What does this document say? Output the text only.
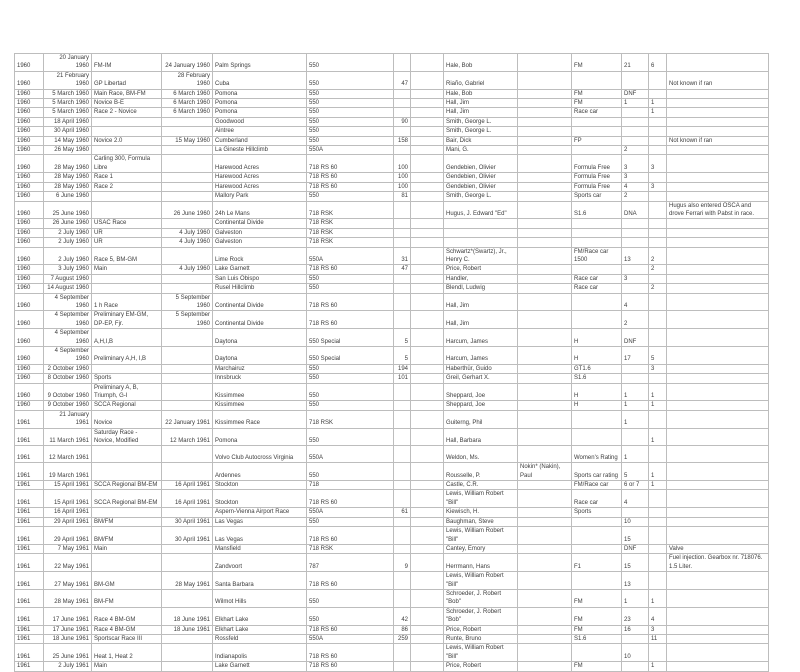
1960	20 January 1960	FM-IM	24 January 1960	Palm Springs	550			Hale, Bob		FM	21	6	
1960	21 February 1960	GP Libertad	28 February 1960	Cuba	550	47		Riaño, Gabriel					Not known if ran
1960	5 March 1960	Main Race, BM-FM	6 March 1960	Pomona	550			Hale, Bob		FM	DNF		
1960	5 March 1960	Novice B-E	6 March 1960	Pomona	550			Hall, Jim		FM	1	1	
1960	5 March 1960	Race 2 - Novice	6 March 1960	Pomona	550			Hall, Jim		Race car		1	
1960	18 April 1960			Goodwood	550	90		Smith, George L.					
1960	30 April 1960			Aintree	550			Smith, George L.					
1960	14 May 1960	Novice 2.0	15 May 1960	Cumberland	550	158		Bair, Dick		FP			Not known if ran
1960	26 May 1960			La Gineste Hillclimb	550A			Mani, G.			2		
1960	28 May 1960	Carling 300, Formula Libre		Harewood Acres	718 RS 60	100		Gendebien, Olivier		Formula Free	3	3	
1960	28 May 1960	Race 1		Harewood Acres	718 RS 60	100		Gendebien, Olivier		Formula Free	3		
1960	28 May 1960	Race 2		Harewood Acres	718 RS 60	100		Gendebien, Olivier		Formula Free	4	3	
1960	6 June 1960			Mallory Park	550	81		Smith, George L.		Sports car	2		
1960	25 June 1960		26 June 1960	24h Le Mans	718 RSK			Hugus, J. Edward "Ed"		S1.6	DNA		Hugus also entered OSCA and drove Ferrari with Pabst in race.
1960	26 June 1960	USAC Race		Continental Divide	718 RSK								
1960	2 July 1960	UR	4 July 1960	Galveston	718 RSK								
1960	2 July 1960	UR	4 July 1960	Galveston	718 RSK								
1960	2 July 1960	Race 5, BM-GM		Lime Rock	550A	31		Schwartz*(Swartz), Jr., Henry C.		FM/Race car 1500	13	2	
1960	3 July 1960	Main	4 July 1960	Lake Garnett	718 RS 60	47		Price, Robert				2	
1960	7 August 1960			San Luis Obispo	550			Handler,		Race car	3		
1960	14 August 1960			Rusel Hillclimb	550			Blendl, Ludwig		Race car		2	
1960	4 September 1960	1 h Race	5 September 1960	Continental Divide	718 RS 60			Hall, Jim			4		
1960	4 September 1960	Preliminary EM-GM, DP-EP, Fjr.	5 September 1960	Continental Divide	718 RS 60			Hall, Jim			2		
1960	4 September 1960	A,H,I,B		Daytona	550 Special	5		Harcum, James		H	DNF		
1960	4 September 1960	Preliminary A,H, I,B		Daytona	550 Special	5		Harcum, James		H	17	5	
1960	2 October 1960			Marchairuz	550	194		Haberthür, Guido		GT1.6		3	
1960	8 October 1960	Sports		Innsbruck	550	101		Greil, Gerhart X.		S1.6			
1960	9 October 1960	Preliminary A, B, Triumph, G-I		Kissimmee	550			Sheppard, Joe		H	1	1	
1960	9 October 1960	SCCA Regional		Kissimmee	550			Sheppard, Joe		H	1	1	
1961	21 January 1961	Novice	22 January 1961	Kissimmee Race	718 RSK			Guiterng, Phil			1		
1961	11 March 1961	Saturday Race - Novice, Modified	12 March 1961	Pomona	550			Hall, Barbara				1	
1961	12 March 1961			Volvo Club Autocross Virginia	550A			Weldon, Ms.		Women's Rating	1		
1961	19 March 1961			Ardennes	550			Rousselle, P.	Nokin* (Nakin), Paul	Sports car rating	5	1	
1961	15 April 1961	SCCA Regional BM-EM	16 April 1961	Stockton	718			Castle, C.R.		FM/Race car	6 or 7	1	
1961	15 April 1961	SCCA Regional BM-EM	16 April 1961	Stockton	718 RS 60			Lewis, William Robert "Bill"		Race car	4		
1961	16 April 1961			Aspern-Vienna Airport Race	550A	61		Kiewisch, H.		Sports			
1961	29 April 1961	BM/FM	30 April 1961	Las Vegas	550			Baughman, Steve			10		
1961	29 April 1961	BM/FM	30 April 1961	Las Vegas	718 RS 60			Lewis, William Robert "Bill"			15		
1961	7 May 1961	Main		Mansfield	718 RSK			Cantey, Emory			DNF		Valve
1961	22 May 1961			Zandvoort	787	9		Herrmann, Hans		F1	15		Fuel injection. Gearbox nr. 718076. 1.5 Liter.
1961	27 May 1961	BM-GM	28 May 1961	Santa Barbara	718 RS 60			Lewis, William Robert "Bill"			13		
1961	28 May 1961	BM-FM		Wilmot Hills	550			Schroeder, J. Robert "Bob"		FM	1	1	
1961	17 June 1961	Race 4 BM-GM	18 June 1961	Elkhart Lake	550	42		Schroeder, J. Robert "Bob"		FM	23	4	
1961	17 June 1961	Race 4 BM-GM	18 June 1961	Elkhart Lake	718 RS 60	86		Price, Robert		FM	16	3	
1961	18 June 1961	Sportscar Race III		Rossfeld	550A	259		Runte, Bruno		S1.6		11	
1961	25 June 1961	Heat 1, Heat 2		Indianapolis	718 RS 60			Lewis, William Robert "Bill"			10		
1961	2 July 1961	Main		Lake Garnett	718 RS 60			Price, Robert		FM		1	
